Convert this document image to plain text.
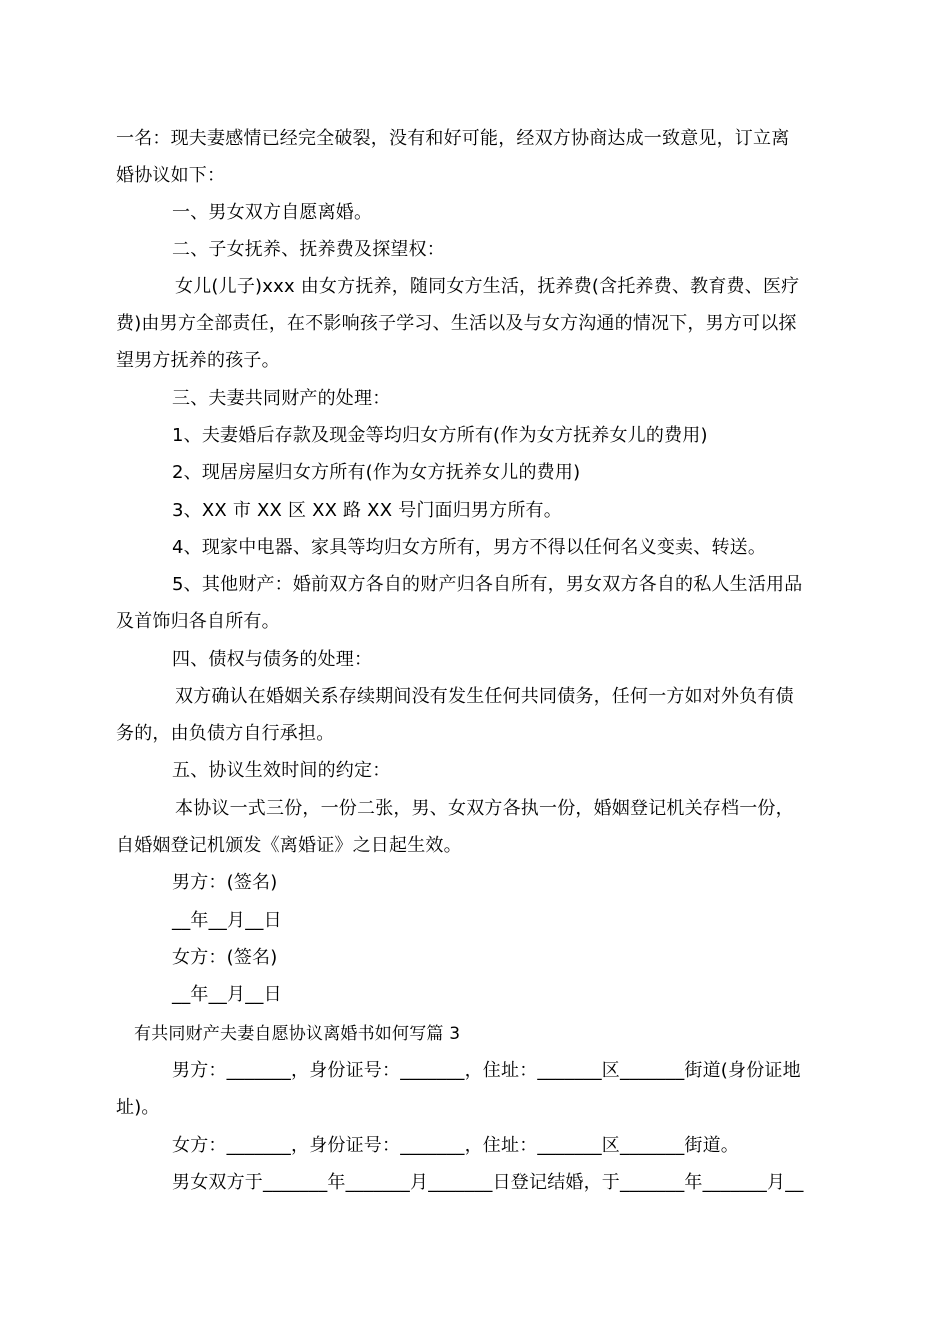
一名：现夫妻感情已经完全破裂，没有和好可能，经双方协商达成一致意见，订立离
婚协议如下：
一、男女双方自愿离婚。
二、子女抚养、抚养费及探望权：
女儿(儿子)xxx 由女方抚养，随同女方生活，抚养费(含托养费、教育费、医疗
费)由男方全部责任，在不影响孩子学习、生活以及与女方沟通的情况下，男方可以探
望男方抚养的孩子。
三、夫妻共同财产的处理：
1、夫妻婚后存款及现金等均归女方所有(作为女方抚养女儿的费用)
2、现居房屋归女方所有(作为女方抚养女儿的费用)
3、XX 市 XX 区 XX 路 XX 号门面归男方所有。
4、现家中电器、家具等均归女方所有，男方不得以任何名义变卖、转送。
5、其他财产：婚前双方各自的财产归各自所有，男女双方各自的私人生活用品
及首饰归各自所有。
四、债权与债务的处理：
双方确认在婚姻关系存续期间没有发生任何共同债务，任何一方如对外负有债
务的，由负债方自行承担。
五、协议生效时间的约定：
本协议一式三份，一份二张，男、女双方各执一份，婚姻登记机关存档一份，
自婚姻登记机颁发《离婚证》之日起生效。
男方：(签名)
__年__月__日
女方：(签名)
__年__月__日
有共同财产夫妻自愿协议离婚书如何写篇 3
男方：_______，身份证号：_______，住址：_______区_______街道(身份证地
址)。
女方：_______，身份证号：_______，住址：_______区_______街道。
男女双方于_______年_______月_______日登记结婚，于_______年_______月__
